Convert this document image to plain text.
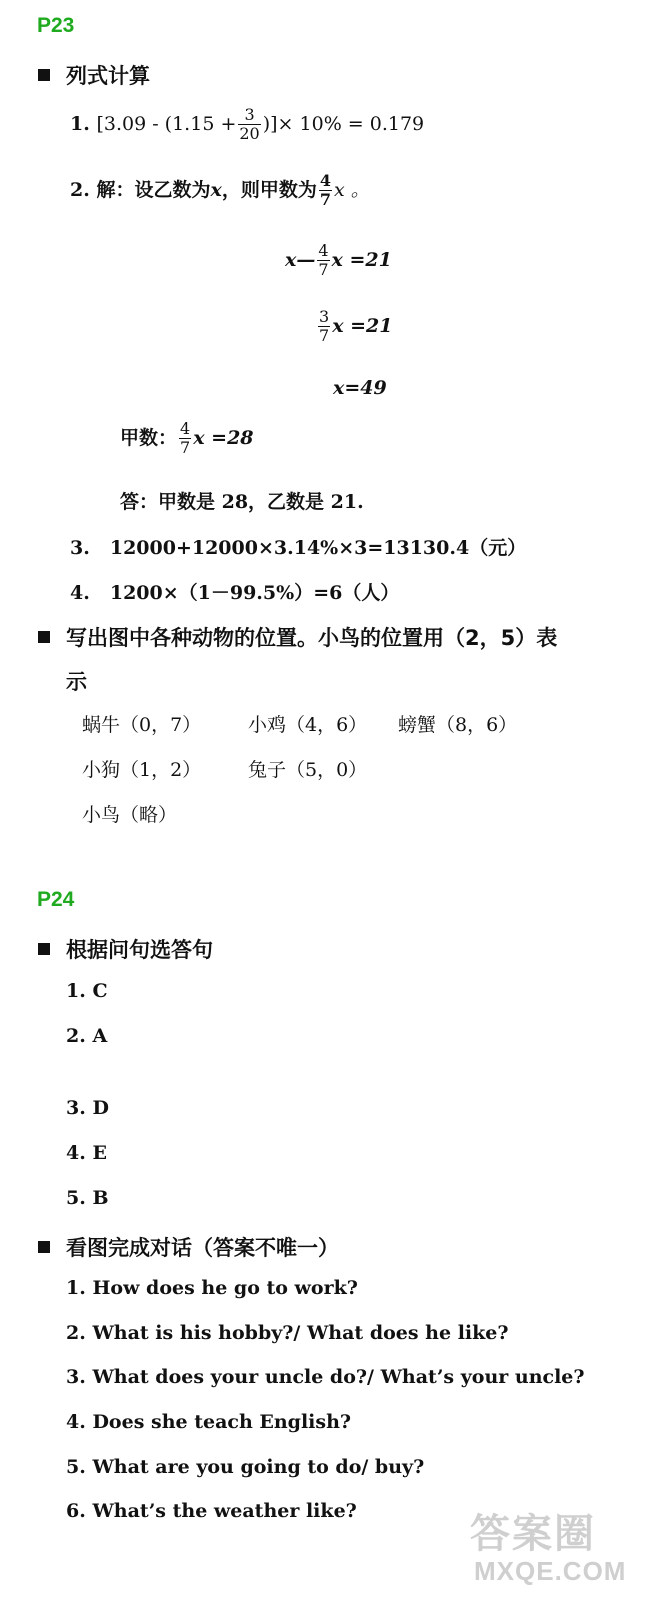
P23
列式计算
1. [$3.09 - (1.15 + \frac{3}{20}$ )]× 10% = 0.179
2. 解：设乙数为x，则甲数为 $\frac{4}{7}$ x 。
x— $\frac{4}{7}$ x =21
$\frac{3}{7}$ x =21
x=49
甲数： $\frac{4}{7}$ x =28
答：甲数是 28，乙数是 21.
3. 12000+12000×3.14%×3=13130.4（元）
4. 1200×（1－99.5%）=6（人）
写出图中各种动物的位置。小鸟的位置用（2，5）表
示
蜗牛（0，7） 小鸡（4，6） 螃蟹（8，6）
小狗（1，2） 兔子（5，0）
小鸟（略）
P24
根据问句选答句
1. C
2. A
3. D
4. E
5. B
看图完成对话（答案不唯一）
1. How does he go to work?
2. What is his hobby?/ What does he like?
3. What does your uncle do?/ What’s your uncle?
4. Does she teach English?
5. What are you going to do/ buy?
6. What’s the weather like?
答案圈
MXQE.COM
